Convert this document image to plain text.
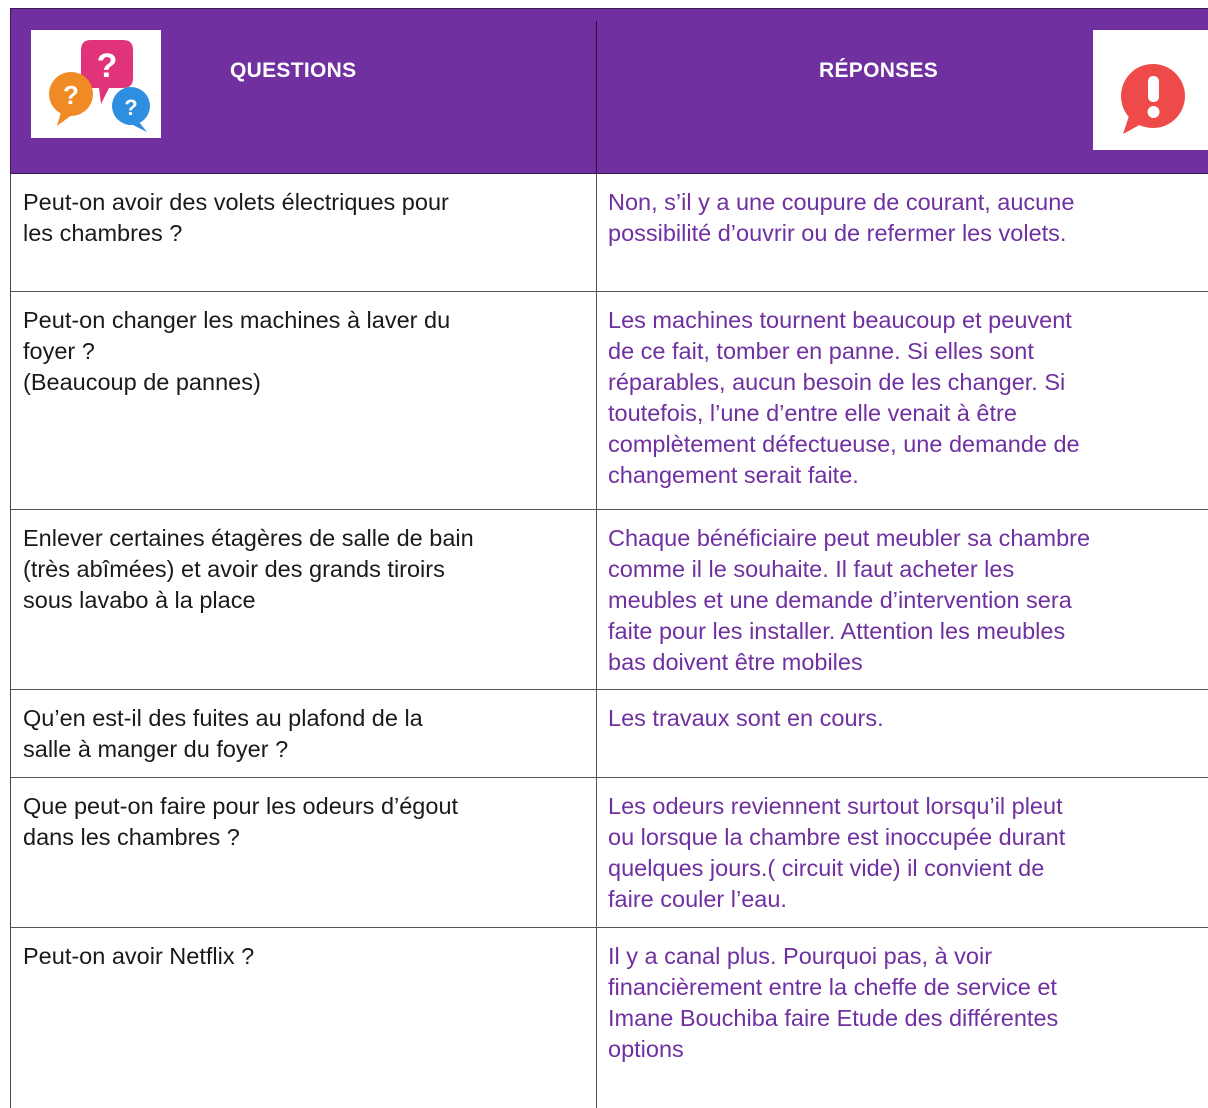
?
? ?
QUESTIONS	RÉPONSES
Peut-on avoir des volets électriques pour
les chambres ?
Non, s’il y a une coupure de courant, aucune
possibilité d’ouvrir ou de refermer les volets.
Peut-on changer les machines à laver du
foyer ?
(Beaucoup de pannes)
Les machines tournent beaucoup et peuvent
de ce fait, tomber en panne. Si elles sont
réparables, aucun besoin de les changer. Si
toutefois, l’une d’entre elle venait à être
complètement défectueuse, une demande de
changement serait faite.
Enlever certaines étagères de salle de bain
(très abîmées) et avoir des grands tiroirs
sous lavabo à la place
Chaque bénéficiaire peut meubler sa chambre
comme il le souhaite. Il faut acheter les
meubles et une demande d’intervention sera
faite pour les installer. Attention les meubles
bas doivent être mobiles
Qu’en est-il des fuites au plafond de la
salle à manger du foyer ?
Les travaux sont en cours.
Que peut-on faire pour les odeurs d’égout
dans les chambres ?
Les odeurs reviennent surtout lorsqu’il pleut
ou lorsque la chambre est inoccupée durant
quelques jours.( circuit vide) il convient de
faire couler l’eau.
Peut-on avoir Netflix ?	Il y a canal plus. Pourquoi pas, à voir
financièrement entre la cheffe de service et
Imane Bouchiba faire Etude des différentes
options
